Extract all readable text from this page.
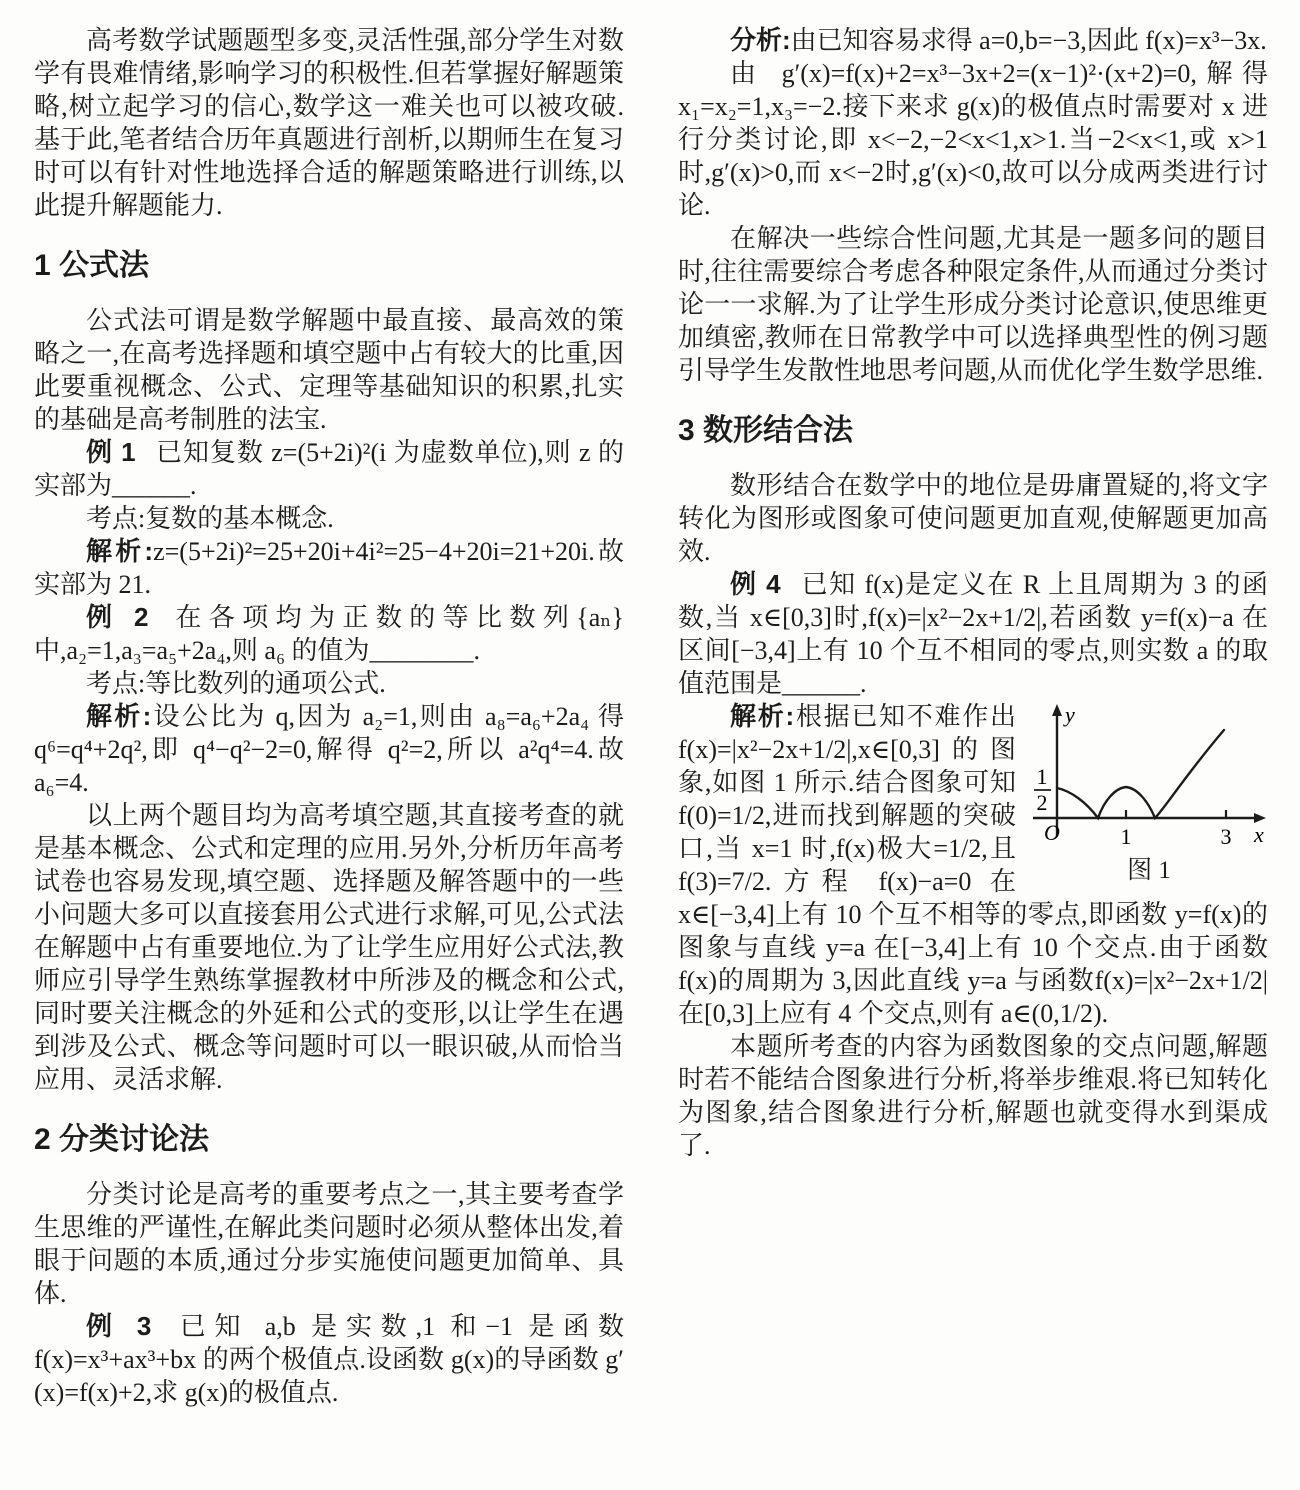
高考数学试题题型多变,灵活性强,部分学生对数学有畏难情绪,影响学习的积极性.但若掌握好解题策略,树立起学习的信心,数学这一难关也可以被攻破.基于此,笔者结合历年真题进行剖析,以期师生在复习时可以有针对性地选择合适的解题策略进行训练,以此提升解题能力.

1 公式法

公式法可谓是数学解题中最直接、最高效的策略之一,在高考选择题和填空题中占有较大的比重,因此要重视概念、公式、定理等基础知识的积累,扎实的基础是高考制胜的法宝.

例 1 已知复数 z=(5+2i)²(i 为虚数单位),则 z 的实部为______.

考点:复数的基本概念.

解析:z=(5+2i)²=25+20i+4i²=25−4+20i=21+20i.故实部为 21.

例 2 在各项均为正数的等比数列{aₙ}中,a₂=1,a₃=a₅+2a₄,则 a₆ 的值为________.

考点:等比数列的通项公式.

解析:设公比为 q,因为 a₂=1,则由 a₈=a₆+2a₄ 得 q⁶=q⁴+2q²,即 q⁴−q²−2=0,解得 q²=2,所以 a²q⁴=4.故 a₆=4.

以上两个题目均为高考填空题,其直接考查的就是基本概念、公式和定理的应用.另外,分析历年高考试卷也容易发现,填空题、选择题及解答题中的一些小问题大多可以直接套用公式进行求解,可见,公式法在解题中占有重要地位.为了让学生应用好公式法,教师应引导学生熟练掌握教材中所涉及的概念和公式,同时要关注概念的外延和公式的变形,以让学生在遇到涉及公式、概念等问题时可以一眼识破,从而恰当应用、灵活求解.

2 分类讨论法

分类讨论是高考的重要考点之一,其主要考查学生思维的严谨性,在解此类问题时必须从整体出发,着眼于问题的本质,通过分步实施使问题更加简单、具体.

例 3 已知 a,b 是实数,1 和−1 是函数 f(x)=x³+ax³+bx 的两个极值点.设函数 g(x)的导函数 g′(x)=f(x)+2,求 g(x)的极值点.

分析:由已知容易求得 a=0,b=−3,因此 f(x)=x³−3x.

由 g′(x)=f(x)+2=x³−3x+2=(x−1)²·(x+2)=0,解得 x₁=x₂=1,x₃=−2.接下来求 g(x)的极值点时需要对 x 进行分类讨论,即 x<−2,−2<x<1,x>1.当−2<x<1,或 x>1 时,g′(x)>0,而 x<−2时,g′(x)<0,故可以分成两类进行讨论.

在解决一些综合性问题,尤其是一题多问的题目时,往往需要综合考虑各种限定条件,从而通过分类讨论一一求解.为了让学生形成分类讨论意识,使思维更加缜密,教师在日常教学中可以选择典型性的例习题引导学生发散性地思考问题,从而优化学生数学思维.

3 数形结合法

数形结合在数学中的地位是毋庸置疑的,将文字转化为图形或图象可使问题更加直观,使解题更加高效.

例 4 已知 f(x)是定义在 R 上且周期为 3 的函数,当 x∈[0,3]时,f(x)=|x²−2x+1/2|,若函数 y=f(x)−a 在区间[−3,4]上有 10 个互不相同的零点,则实数 a 的取值范围是______.

1
2
y
x
O	1	3
图 1
解析:根据已知不难作出 f(x)=|x²−2x+1/2|,x∈[0,3]的图象,如图 1 所示.结合图象可知 f(0)=1/2,进而找到解题的突破口,当 x=1 时,f(x)极大=1/2,且 f(3)=7/2.方程 f(x)−a=0 在 x∈[−3,4]上有 10 个互不相等的零点,即函数 y=f(x)的图象与直线 y=a 在[−3,4]上有 10 个交点.由于函数 f(x)的周期为 3,因此直线 y=a 与函数f(x)=|x²−2x+1/2|在[0,3]上应有 4 个交点,则有 a∈(0,1/2).

本题所考查的内容为函数图象的交点问题,解题时若不能结合图象进行分析,将举步维艰.将已知转化为图象,结合图象进行分析,解题也就变得水到渠成了.
